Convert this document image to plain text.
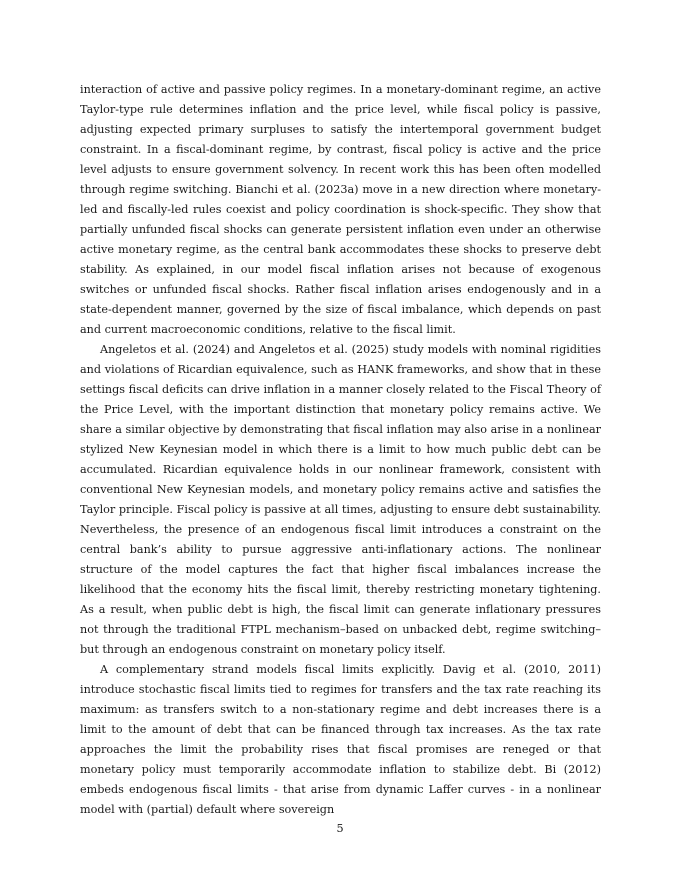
interaction of active and passive policy regimes. In a monetary-dominant regime, an active Taylor-type rule determines inflation and the price level, while fiscal policy is passive, adjusting expected primary surpluses to satisfy the intertemporal government budget constraint. In a fiscal-dominant regime, by contrast, fiscal policy is active and the price level adjusts to ensure government solvency. In recent work this has been often modelled through regime switching. Bianchi et al. (2023a) move in a new direction where monetary-led and fiscally-led rules coexist and policy coordination is shock-specific. They show that partially unfunded fiscal shocks can generate persistent inflation even under an otherwise active monetary regime, as the central bank accommodates these shocks to preserve debt stability. As explained, in our model fiscal inflation arises not because of exogenous switches or unfunded fiscal shocks. Rather fiscal inflation arises endogenously and in a state-dependent manner, governed by the size of fiscal imbalance, which depends on past and current macroeconomic conditions, relative to the fiscal limit.

Angeletos et al. (2024) and Angeletos et al. (2025) study models with nominal rigidities and violations of Ricardian equivalence, such as HANK frameworks, and show that in these settings fiscal deficits can drive inflation in a manner closely related to the Fiscal Theory of the Price Level, with the important distinction that monetary policy remains active. We share a similar objective by demonstrating that fiscal inflation may also arise in a nonlinear stylized New Keynesian model in which there is a limit to how much public debt can be accumulated. Ricardian equivalence holds in our nonlinear framework, consistent with conventional New Keynesian models, and monetary policy remains active and satisfies the Taylor principle. Fiscal policy is passive at all times, adjusting to ensure debt sustainability. Nevertheless, the presence of an endogenous fiscal limit introduces a constraint on the central bank’s ability to pursue aggressive anti-inflationary actions. The nonlinear structure of the model captures the fact that higher fiscal imbalances increase the likelihood that the economy hits the fiscal limit, thereby restricting monetary tightening. As a result, when public debt is high, the fiscal limit can generate inflationary pressures not through the traditional FTPL mechanism–based on unbacked debt, regime switching–but through an endogenous constraint on monetary policy itself.

A complementary strand models fiscal limits explicitly. Davig et al. (2010, 2011) introduce stochastic fiscal limits tied to regimes for transfers and the tax rate reaching its maximum: as transfers switch to a non-stationary regime and debt increases there is a limit to the amount of debt that can be financed through tax increases. As the tax rate approaches the limit the probability rises that fiscal promises are reneged or that monetary policy must temporarily accommodate inflation to stabilize debt. Bi (2012) embeds endogenous fiscal limits - that arise from dynamic Laffer curves - in a nonlinear model with (partial) default where sovereign

5
